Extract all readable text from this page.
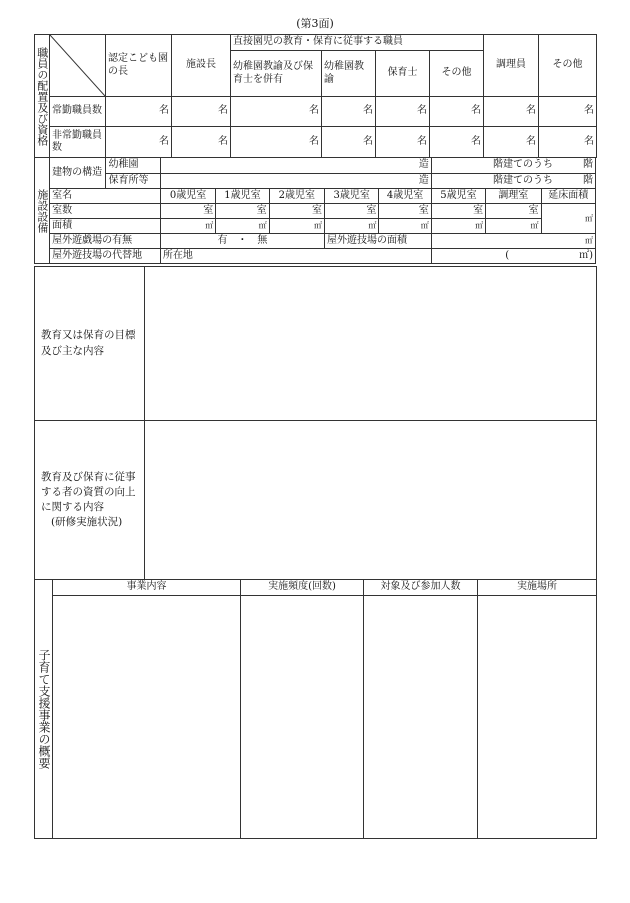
(第3面)
職員の配置及び資格		認定こども園の長	施設長	直接園児の教育・保育に従事する職員				調理員	その他
				幼稚園教諭及び保育士を併有	幼稚園教諭	保育士	その他		
	常勤職員数	名	名	名	名	名	名	名	名
	非常勤職員数	名	名	名	名	名	名	名	名
施設設備	建物の構造	幼稚園	造					階建てのうち　　　 階		
		保育所等	造					階建てのうち　　　 階		
	室名		0歳児室	1歳児室	2歳児室	3歳児室	4歳児室	5歳児室	調理室	延床面積
	室数		室	室	室	室	室	室	室	㎡
	面積		㎡	㎡	㎡	㎡	㎡	㎡	㎡	
	屋外遊戯場の有無		有　・　無			屋外遊技場の面積		㎡		
	屋外遊技場の代替地		所在地					(　　　　　　　㎡)		
教育又は保育の目標及び主な内容	

教育及び保育に従事する者の資質の向上に関する内容
(研修実施状況)	

子育て支援事業の概要	事業内容	実施頻度(回数)	対象及び参加人数	実施場所
